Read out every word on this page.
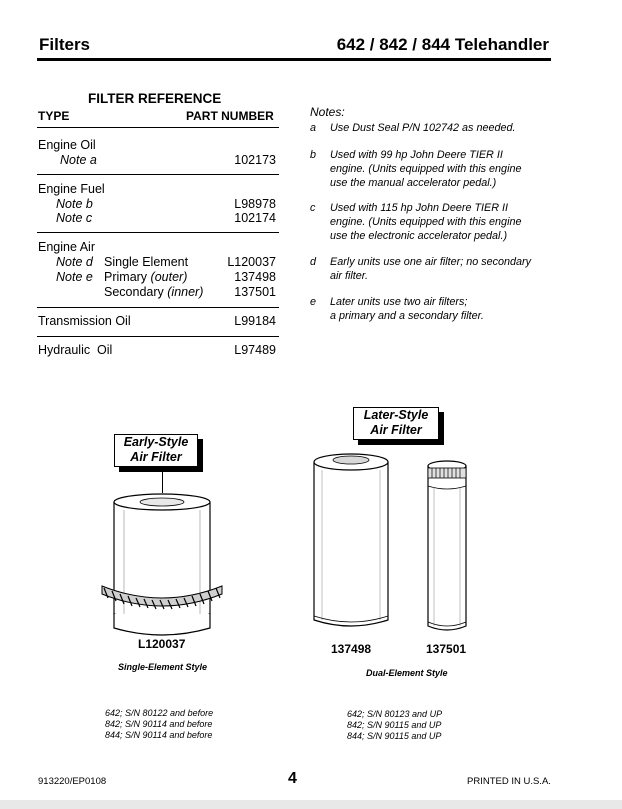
Filters	642 / 842 / 844 Telehandler
FILTER REFERENCE
TYPE	PART NUMBER
Engine Oil
Note a	102173
Engine Fuel
Note b	L98978
Note c	102174
Engine Air
Note d Single Element	L120037
Note e Primary (outer)	137498
Secondary (inner)	137501
Transmission Oil	L99184
Hydraulic  Oil	L97489
Notes:
a Use Dust Seal P/N 102742 as needed.
b Used with 99 hp John Deere TIER II
engine. (Units equipped with this engine
use the manual accelerator pedal.)
c Used with 115 hp John Deere TIER II
engine. (Units equipped with this engine
use the electronic accelerator pedal.)
d Early units use one air filter; no secondary
air filter.
e Later units use two air filters;
a primary and a secondary filter.
Early-Style
Air Filter
L120037
Single-Element Style
642; S/N 80122 and before
842; S/N 90114 and before
844; S/N 90114 and before
Later-Style
Air Filter
137498	137501
Dual-Element Style
642; S/N 80123 and UP
842; S/N 90115 and UP
844; S/N 90115 and UP
913220/EP0108	4	PRINTED IN U.S.A.
